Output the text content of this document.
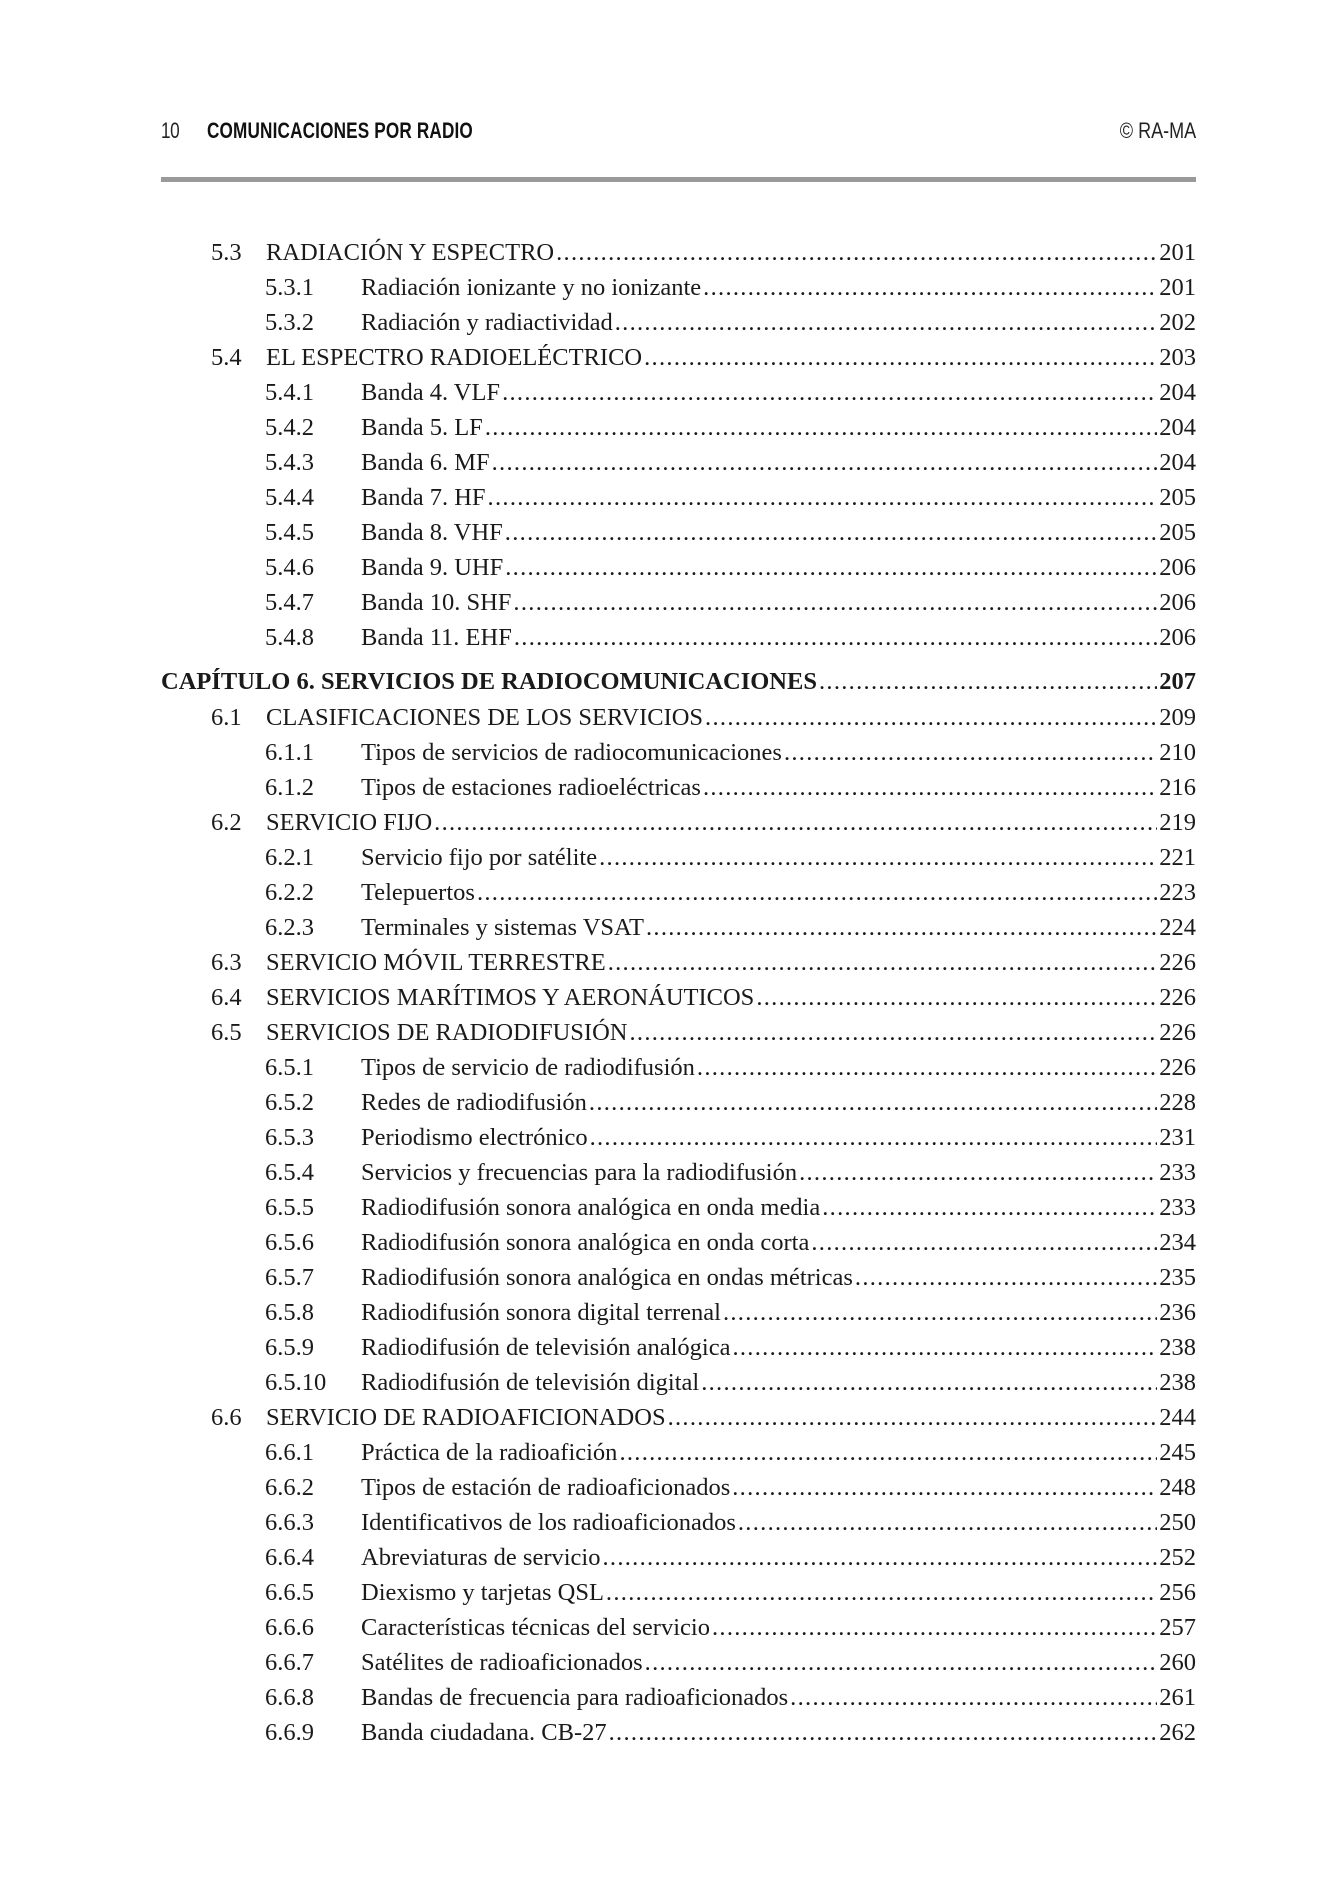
10 COMUNICACIONES POR RADIO	© RA-MA
5.3 RADIACIÓN Y ESPECTRO .....	201
5.3.1	Radiación ionizante y no ionizante .....	201
5.3.2	Radiación y radiactividad .....	202
5.4 EL ESPECTRO RADIOELÉCTRICO .....	203
5.4.1	Banda 4. VLF .....	204
5.4.2	Banda 5. LF .....	204
5.4.3	Banda 6. MF .....	204
5.4.4	Banda 7. HF .....	205
5.4.5	Banda 8. VHF .....	205
5.4.6	Banda 9. UHF .....	206
5.4.7	Banda 10. SHF .....	206
5.4.8	Banda 11. EHF .....	206
CAPÍTULO 6. SERVICIOS DE RADIOCOMUNICACIONES .....	207
6.1 CLASIFICACIONES DE LOS SERVICIOS .....	209
6.1.1	Tipos de servicios de radiocomunicaciones .....	210
6.1.2	Tipos de estaciones radioeléctricas .....	216
6.2 SERVICIO FIJO .....	219
6.2.1	Servicio fijo por satélite .....	221
6.2.2	Telepuertos .....	223
6.2.3	Terminales y sistemas VSAT .....	224
6.3 SERVICIO MÓVIL TERRESTRE .....	226
6.4 SERVICIOS MARÍTIMOS Y AERONÁUTICOS .....	226
6.5 SERVICIOS DE RADIODIFUSIÓN .....	226
6.5.1	Tipos de servicio de radiodifusión .....	226
6.5.2	Redes de radiodifusión .....	228
6.5.3	Periodismo electrónico .....	231
6.5.4	Servicios y frecuencias para la radiodifusión .....	233
6.5.5	Radiodifusión sonora analógica en onda media .....	233
6.5.6	Radiodifusión sonora analógica en onda corta .....	234
6.5.7	Radiodifusión sonora analógica en ondas métricas .....	235
6.5.8	Radiodifusión sonora digital terrenal .....	236
6.5.9	Radiodifusión de televisión analógica .....	238
6.5.10	Radiodifusión de televisión digital .....	238
6.6 SERVICIO DE RADIOAFICIONADOS .....	244
6.6.1	Práctica de la radioafición .....	245
6.6.2	Tipos de estación de radioaficionados .....	248
6.6.3	Identificativos de los radioaficionados .....	250
6.6.4	Abreviaturas de servicio .....	252
6.6.5	Diexismo y tarjetas QSL .....	256
6.6.6	Características técnicas del servicio .....	257
6.6.7	Satélites de radioaficionados .....	260
6.6.8	Bandas de frecuencia para radioaficionados .....	261
6.6.9	Banda ciudadana. CB-27 .....	262
